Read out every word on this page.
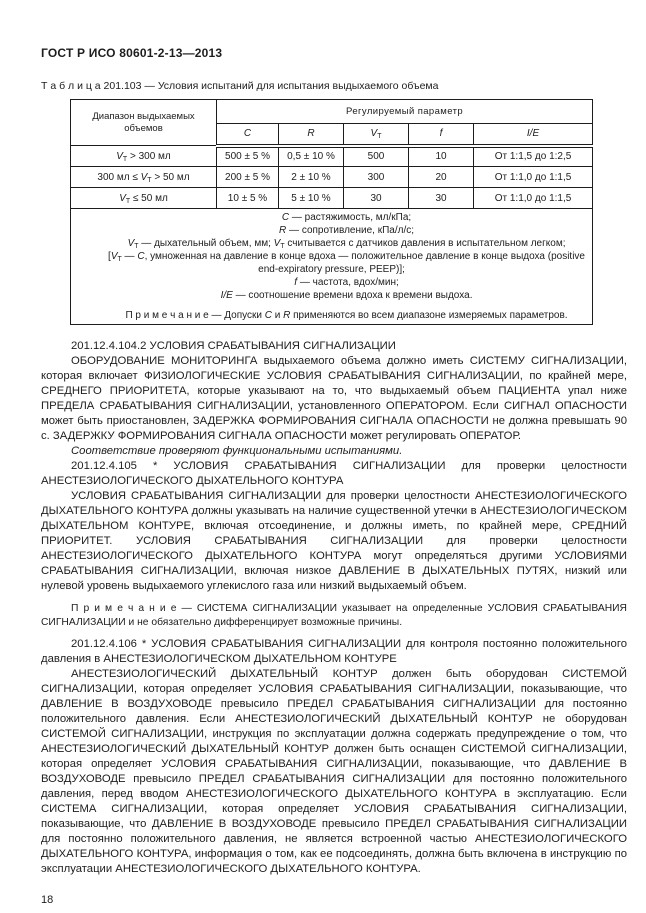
ГОСТ Р ИСО 80601-2-13—2013
Т а б л и ц а 201.103 — Условия испытаний для испытания выдыхаемого объема
Диапазон выдыхаемых объемов	Регулируемый параметр				
	C	R	$V_T$	f	I/E
$V_T > 300$ мл	500 ± 5 %	0,5 ± 10 %	500	10	От 1:1,5 до 1:2,5
300 мл ≤ $V_T > 50$ мл	200 ± 5 %	2 ± 10 %	300	20	От 1:1,0 до 1:1,5
$V_T \le 50$ мл	10 ± 5 %	5 ± 10 %	30	30	От 1:1,0 до 1:1,5

C — растяжимость, мл/кПа;

R — сопротивление, кПа/л/с;

$V_T$ — дыхательный объем, мм; $V_T$ считывается с датчиков давления в испытательном легком;

[$V_T$ — C, умноженная на давление в конце вдоха — положительное давление в конце выдоха (positive end-expiratory pressure, PEEP)];

f — частота, вдох/мин;

I/E — соотношение времени вдоха к времени выдоха.

П р и м е ч а н и е — Допуски C и R применяются во всем диапазоне измеряемых параметров.

201.12.4.104.2 УСЛОВИЯ СРАБАТЫВАНИЯ СИГНАЛИЗАЦИИ

ОБОРУДОВАНИЕ МОНИТОРИНГА выдыхаемого объема должно иметь СИСТЕМУ СИГНАЛИЗАЦИИ, которая включает ФИЗИОЛОГИЧЕСКИЕ УСЛОВИЯ СРАБАТЫВАНИЯ СИГНАЛИЗАЦИИ, по крайней мере, СРЕДНЕГО ПРИОРИТЕТА, которые указывают на то, что выдыхаемый объем ПАЦИЕНТА упал ниже ПРЕДЕЛА СРАБАТЫВАНИЯ СИГНАЛИЗАЦИИ, установленного ОПЕРАТОРОМ. Если СИГНАЛ ОПАСНОСТИ может быть приостановлен, ЗАДЕРЖКА ФОРМИРОВАНИЯ СИГНАЛА ОПАСНОСТИ не должна превышать 90 с. ЗАДЕРЖКУ ФОРМИРОВАНИЯ СИГНАЛА ОПАСНОСТИ может регулировать ОПЕРАТОР.

Соответствие проверяют функциональными испытаниями.

201.12.4.105 * УСЛОВИЯ СРАБАТЫВАНИЯ СИГНАЛИЗАЦИИ для проверки целостности АНЕСТЕЗИОЛОГИЧЕСКОГО ДЫХАТЕЛЬНОГО КОНТУРА

УСЛОВИЯ СРАБАТЫВАНИЯ СИГНАЛИЗАЦИИ для проверки целостности АНЕСТЕЗИОЛОГИЧЕСКОГО ДЫХАТЕЛЬНОГО КОНТУРА должны указывать на наличие существенной утечки в АНЕСТЕЗИОЛОГИЧЕСКОМ ДЫХАТЕЛЬНОМ КОНТУРЕ, включая отсоединение, и должны иметь, по крайней мере, СРЕДНИЙ ПРИОРИТЕТ. УСЛОВИЯ СРАБАТЫВАНИЯ СИГНАЛИЗАЦИИ для проверки целостности АНЕСТЕЗИОЛОГИЧЕСКОГО ДЫХАТЕЛЬНОГО КОНТУРА могут определяться другими УСЛОВИЯМИ СРАБАТЫВАНИЯ СИГНАЛИЗАЦИИ, включая низкое ДАВЛЕНИЕ В ДЫХАТЕЛЬНЫХ ПУТЯХ, низкий или нулевой уровень выдыхаемого углекислого газа или низкий выдыхаемый объем.

П р и м е ч а н и е — СИСТЕМА СИГНАЛИЗАЦИИ указывает на определенные УСЛОВИЯ СРАБАТЫВАНИЯ СИГНАЛИЗАЦИИ и не обязательно дифференцирует возможные причины.

201.12.4.106 * УСЛОВИЯ СРАБАТЫВАНИЯ СИГНАЛИЗАЦИИ для контроля постоянно положительного давления в АНЕСТЕЗИОЛОГИЧЕСКОМ ДЫХАТЕЛЬНОМ КОНТУРЕ

АНЕСТЕЗИОЛОГИЧЕСКИЙ ДЫХАТЕЛЬНЫЙ КОНТУР должен быть оборудован СИСТЕМОЙ СИГНАЛИЗАЦИИ, которая определяет УСЛОВИЯ СРАБАТЫВАНИЯ СИГНАЛИЗАЦИИ, показывающие, что ДАВЛЕНИЕ В ВОЗДУХОВОДЕ превысило ПРЕДЕЛ СРАБАТЫВАНИЯ СИГНАЛИЗАЦИИ для постоянно положительного давления. Если АНЕСТЕЗИОЛОГИЧЕСКИЙ ДЫХАТЕЛЬНЫЙ КОНТУР не оборудован СИСТЕМОЙ СИГНАЛИЗАЦИИ, инструкция по эксплуатации должна содержать предупреждение о том, что АНЕСТЕЗИОЛОГИЧЕСКИЙ ДЫХАТЕЛЬНЫЙ КОНТУР должен быть оснащен СИСТЕМОЙ СИГНАЛИЗАЦИИ, которая определяет УСЛОВИЯ СРАБАТЫВАНИЯ СИГНАЛИЗАЦИИ, показывающие, что ДАВЛЕНИЕ В ВОЗДУХОВОДЕ превысило ПРЕДЕЛ СРАБАТЫВАНИЯ СИГНАЛИЗАЦИИ для постоянно положительного давления, перед вводом АНЕСТЕЗИОЛОГИЧЕСКОГО ДЫХАТЕЛЬНОГО КОНТУРА в эксплуатацию. Если СИСТЕМА СИГНАЛИЗАЦИИ, которая определяет УСЛОВИЯ СРАБАТЫВАНИЯ СИГНАЛИЗАЦИИ, показывающие, что ДАВЛЕНИЕ В ВОЗДУХОВОДЕ превысило ПРЕДЕЛ СРАБАТЫВАНИЯ СИГНАЛИЗАЦИИ для постоянно положительного давления, не является встроенной частью АНЕСТЕЗИОЛОГИЧЕСКОГО ДЫХАТЕЛЬНОГО КОНТУРА, информация о том, как ее подсоединять, должна быть включена в инструкцию по эксплуатации АНЕСТЕЗИОЛОГИЧЕСКОГО ДЫХАТЕЛЬНОГО КОНТУРА.

18
